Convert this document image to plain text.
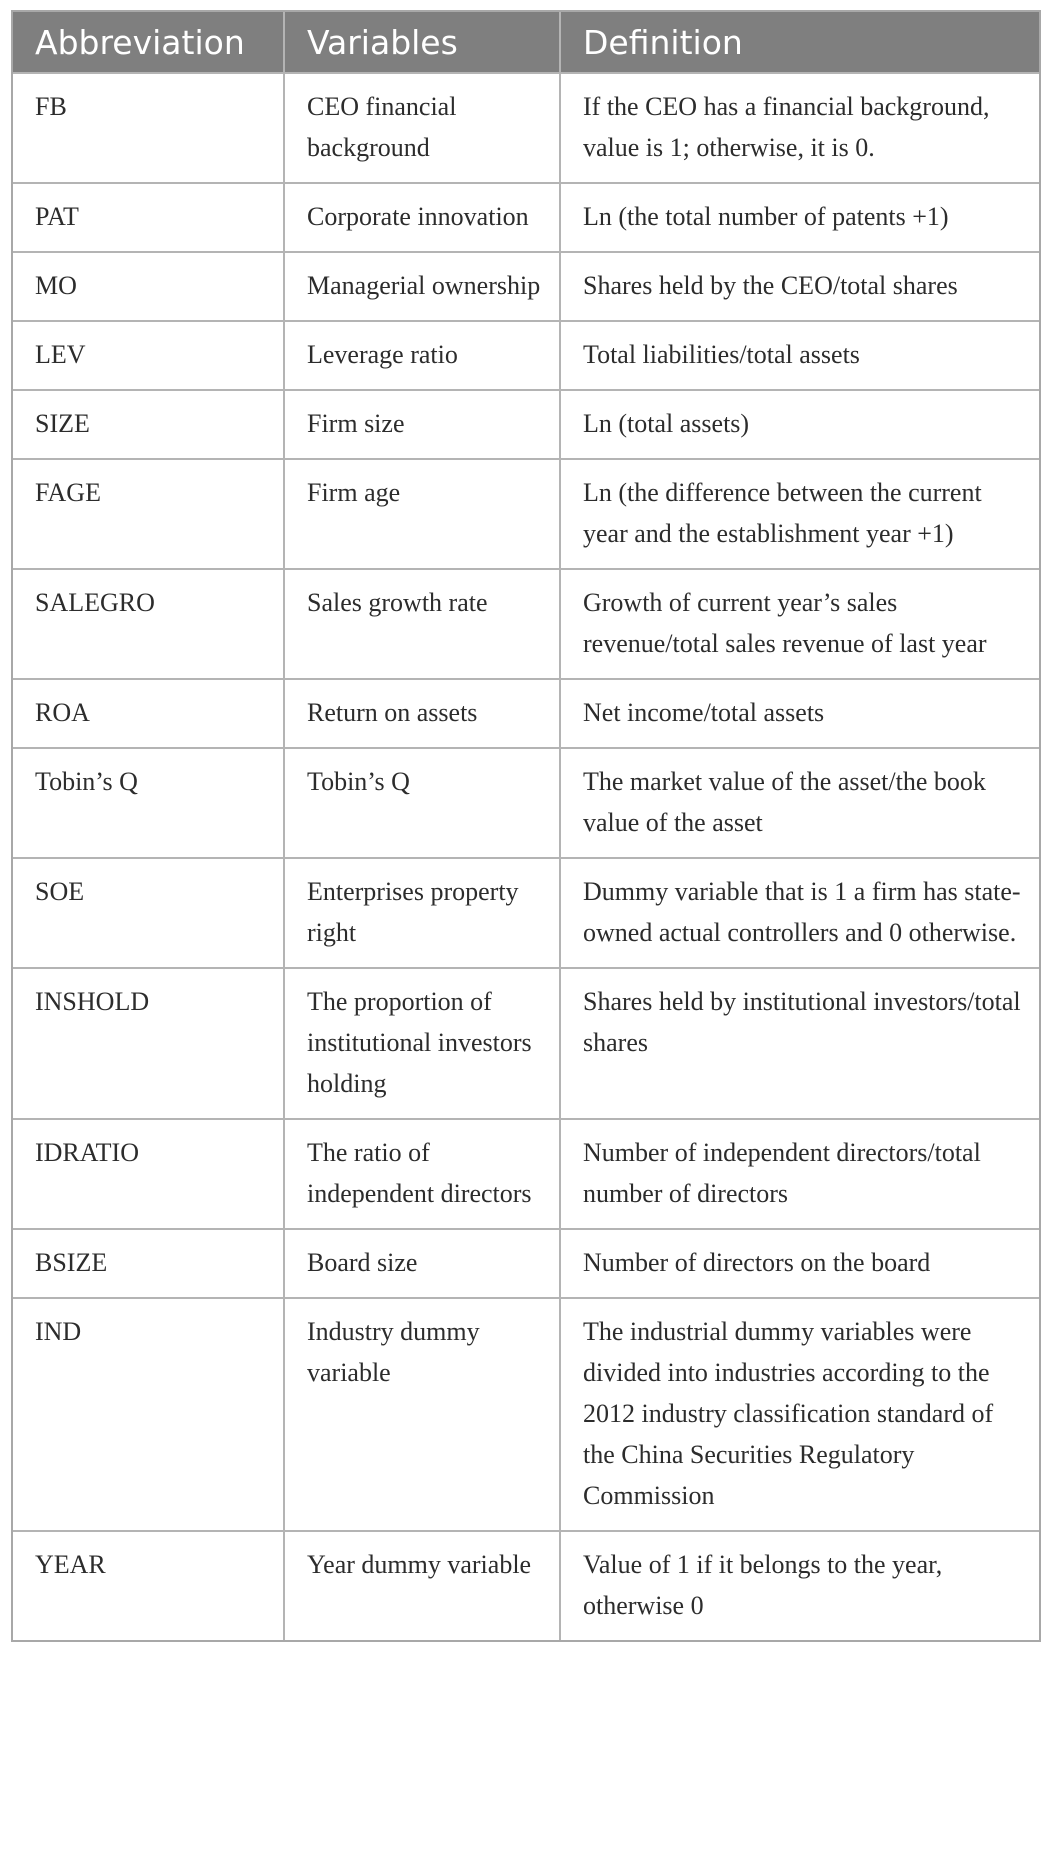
Abbreviation	Variables	Definition
FB	CEO financial background	If the CEO has a financial background, value is 1; otherwise, it is 0.
PAT	Corporate innovation	Ln (the total number of patents +1)
MO	Managerial ownership	Shares held by the CEO/total shares
LEV	Leverage ratio	Total liabilities/total assets
SIZE	Firm size	Ln (total assets)
FAGE	Firm age	Ln (the difference between the current year and the establishment year +1)
SALEGRO	Sales growth rate	Growth of current year’s sales revenue/total sales revenue of last year
ROA	Return on assets	Net income/total assets
Tobin’s Q	Tobin’s Q	The market value of the asset/the book value of the asset
SOE	Enterprises property right	Dummy variable that is 1 a firm has state-owned actual controllers and 0 otherwise.
INSHOLD	The proportion of institutional investors holding	Shares held by institutional investors/total shares
IDRATIO	The ratio of independent directors	Number of independent directors/total number of directors
BSIZE	Board size	Number of directors on the board
IND	Industry dummy variable	The industrial dummy variables were divided into industries according to the 2012 industry classification standard of the China Securities Regulatory Commission
YEAR	Year dummy variable	Value of 1 if it belongs to the year, otherwise 0
